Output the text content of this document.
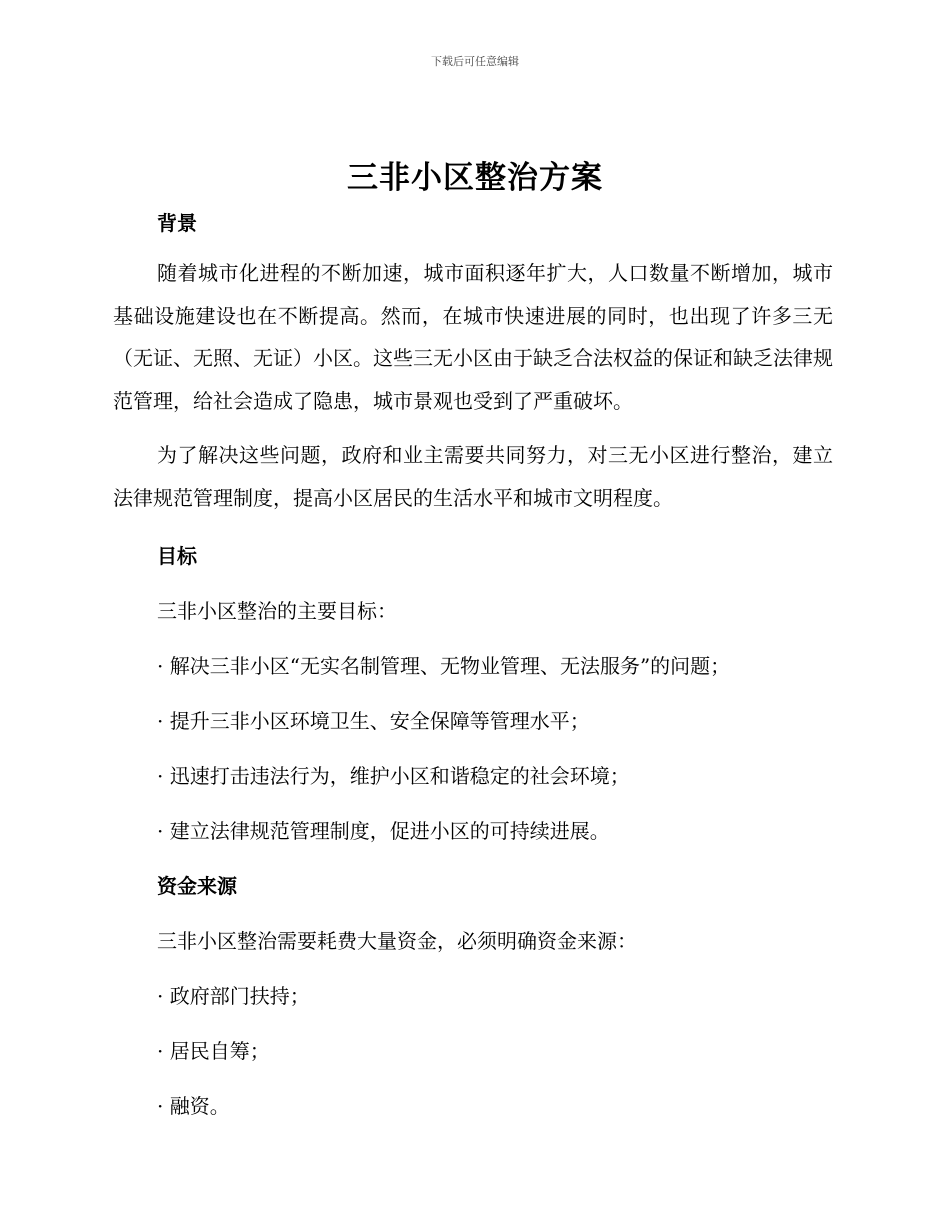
下载后可任意编辑
三非小区整治方案
背景
随着城市化进程的不断加速，城市面积逐年扩大，人口数量不断增加，城市基础设施建设也在不断提高。然而，在城市快速进展的同时，也出现了许多三无（无证、无照、无证）小区。这些三无小区由于缺乏合法权益的保证和缺乏法律规范管理，给社会造成了隐患，城市景观也受到了严重破坏。
为了解决这些问题，政府和业主需要共同努力，对三无小区进行整治，建立法律规范管理制度，提高小区居民的生活水平和城市文明程度。
目标
三非小区整治的主要目标：
· 解决三非小区“无实名制管理、无物业管理、无法服务”的问题；
· 提升三非小区环境卫生、安全保障等管理水平；
· 迅速打击违法行为，维护小区和谐稳定的社会环境；
· 建立法律规范管理制度，促进小区的可持续进展。
资金来源
三非小区整治需要耗费大量资金，必须明确资金来源：
· 政府部门扶持；
· 居民自筹；
· 融资。
